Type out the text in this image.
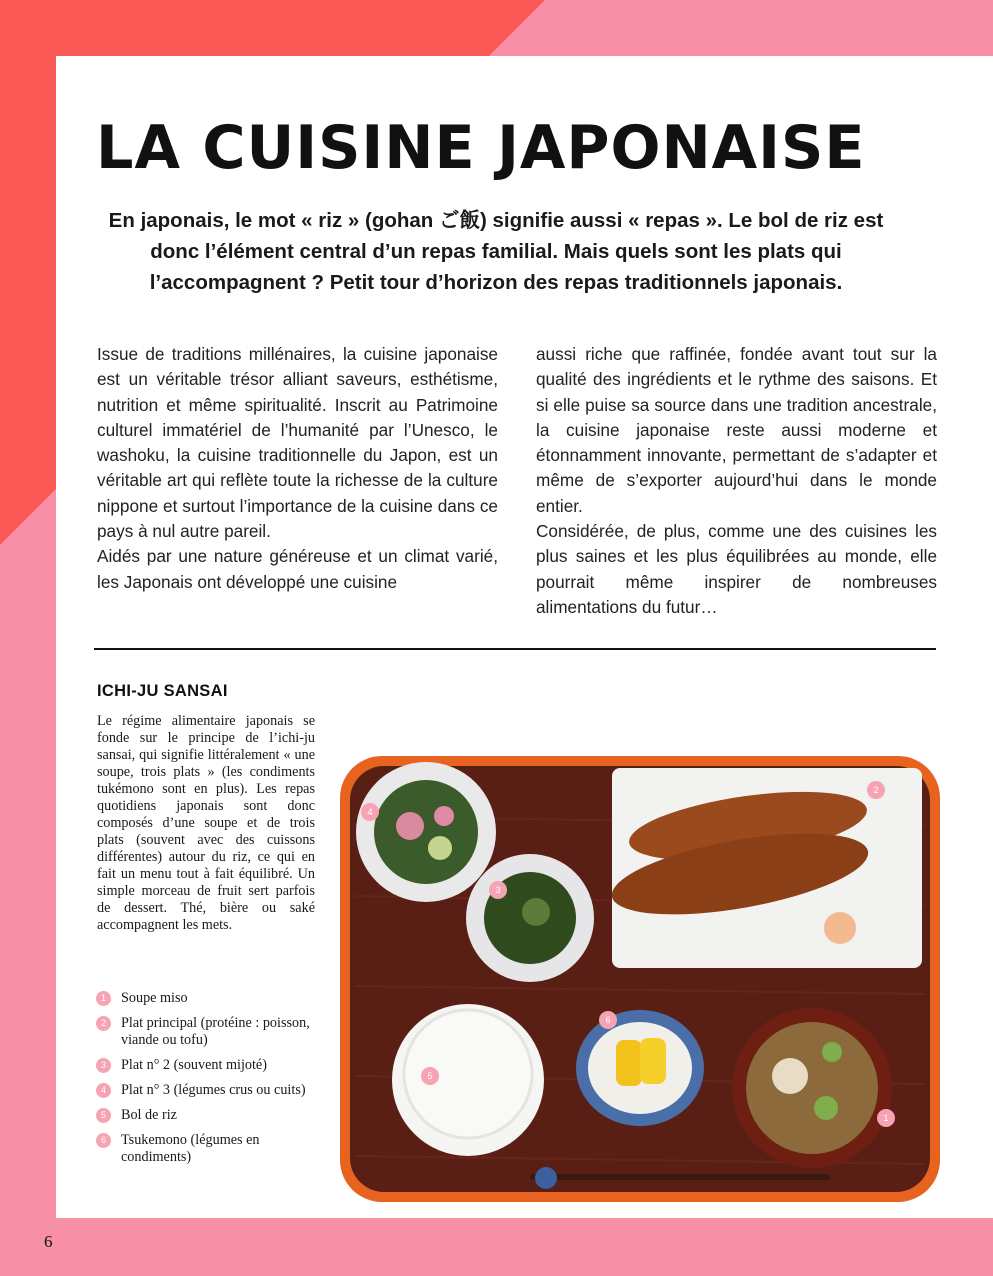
LA CUISINE JAPONAISE

En japonais, le mot « riz » (gohan ご飯) signifie aussi « repas ». Le bol de riz est donc l’élément central d’un repas familial. Mais quels sont les plats qui l’accompagnent ? Petit tour d’horizon des repas traditionnels japonais.

Issue de traditions millénaires, la cuisine japonaise est un véritable trésor alliant saveurs, esthétisme, nutrition et même spiritualité. Inscrit au Patrimoine culturel immatériel de l’humanité par l’Unesco, le washoku, la cuisine traditionnelle du Japon, est un véritable art qui reflète toute la richesse de la culture nippone et surtout l’importance de la cuisine dans ce pays à nul autre pareil.

Aidés par une nature généreuse et un climat varié, les Japonais ont développé une cuisine

aussi riche que raffinée, fondée avant tout sur la qualité des ingrédients et le rythme des saisons. Et si elle puise sa source dans une tradition ancestrale, la cuisine japonaise reste aussi moderne et étonnamment innovante, permettant de s’adapter et même de s’exporter aujourd’hui dans le monde entier.

Considérée, de plus, comme une des cuisines les plus saines et les plus équilibrées au monde, elle pourrait même inspirer de nombreuses alimentations du futur…

ICHI-JU SANSAI

Le régime alimentaire japonais se fonde sur le principe de l’ichi-ju sansai, qui signifie littéralement « une soupe, trois plats » (les condiments tukémono sont en plus). Les repas quotidiens japonais sont donc composés d’une soupe et de trois plats (souvent avec des cuissons différentes) autour du riz, ce qui en fait un menu tout à fait équilibré. Un simple morceau de fruit sert parfois de dessert. Thé, bière ou saké accompagnent les mets.

1	Soupe miso
2	Plat principal (protéine : poisson, viande ou tofu)
3	Plat n° 2 (souvent mijoté)
4	Plat n° 3 (légumes crus ou cuits)
5	Bol de riz
6	Tsukemono (légumes en condiments)
1
2
3
4
5
6

6
